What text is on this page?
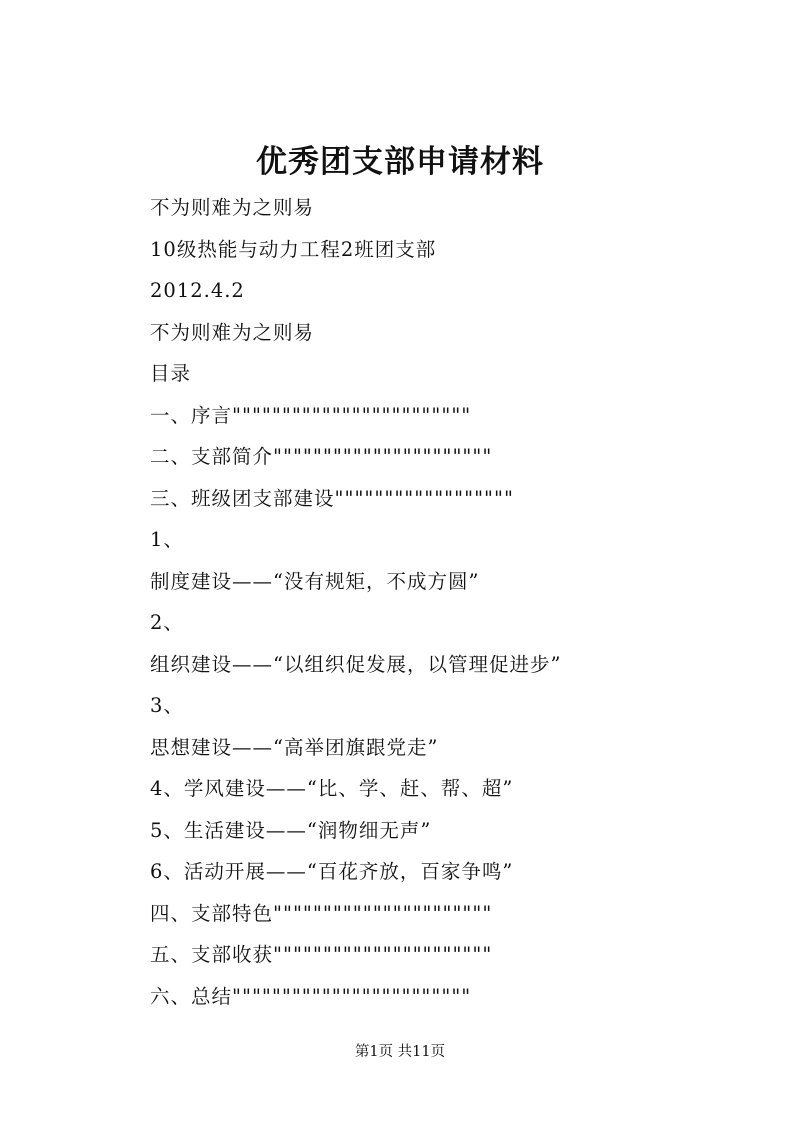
优秀团支部申请材料
不为则难为之则易
10级热能与动力工程2班团支部
2012.4.2
不为则难为之则易
目录
一、序言""""""""""""""""""""""""
二、支部简介""""""""""""""""""""""
三、班级团支部建设""""""""""""""""""
1、
制度建设——“没有规矩，不成方圆”
2、
组织建设——“以组织促发展，以管理促进步”
3、
思想建设——“高举团旗跟党走”
4、学风建设——“比、学、赶、帮、超”
5、生活建设——“润物细无声”
6、活动开展——“百花齐放，百家争鸣”
四、支部特色""""""""""""""""""""""
五、支部收获""""""""""""""""""""""
六、总结""""""""""""""""""""""""
第1页 共11页
